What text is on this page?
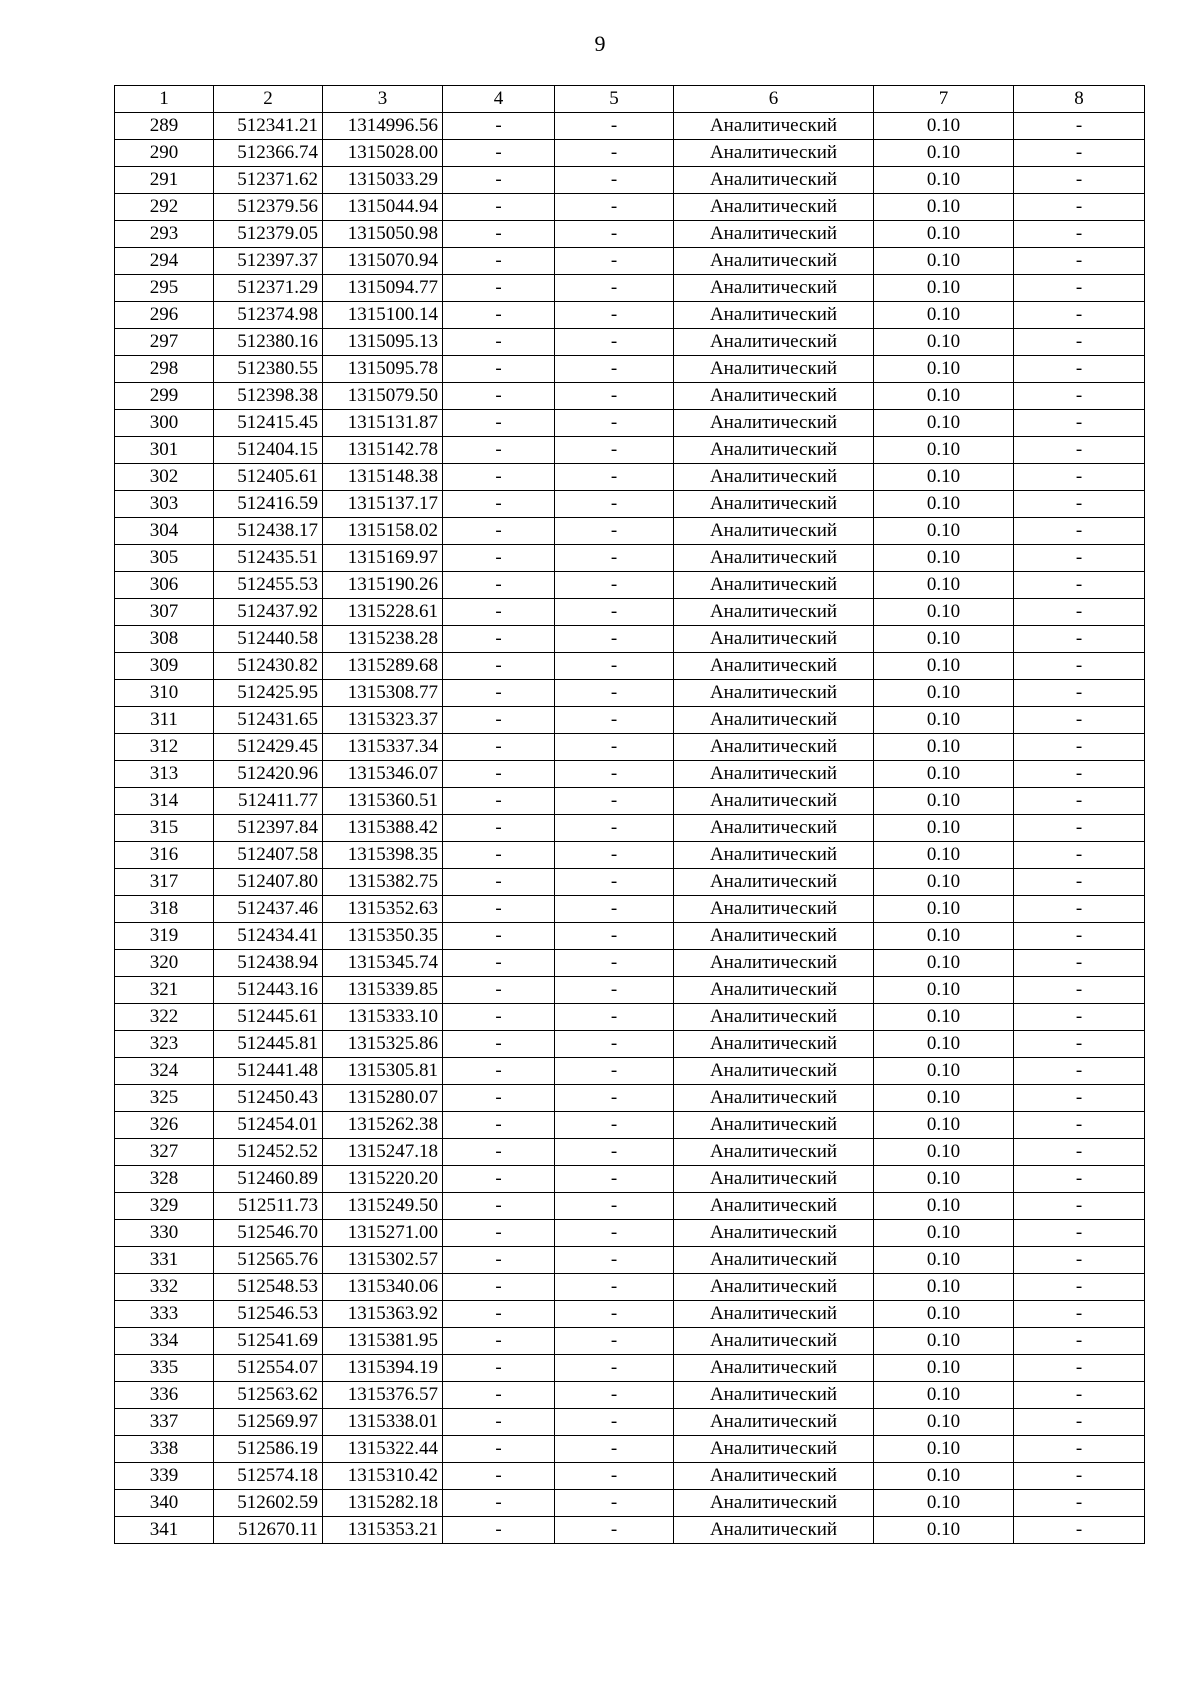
9
1	2	3	4	5	6	7	8
289	512341.21	1314996.56	-	-	Аналитический	0.10	-
290	512366.74	1315028.00	-	-	Аналитический	0.10	-
291	512371.62	1315033.29	-	-	Аналитический	0.10	-
292	512379.56	1315044.94	-	-	Аналитический	0.10	-
293	512379.05	1315050.98	-	-	Аналитический	0.10	-
294	512397.37	1315070.94	-	-	Аналитический	0.10	-
295	512371.29	1315094.77	-	-	Аналитический	0.10	-
296	512374.98	1315100.14	-	-	Аналитический	0.10	-
297	512380.16	1315095.13	-	-	Аналитический	0.10	-
298	512380.55	1315095.78	-	-	Аналитический	0.10	-
299	512398.38	1315079.50	-	-	Аналитический	0.10	-
300	512415.45	1315131.87	-	-	Аналитический	0.10	-
301	512404.15	1315142.78	-	-	Аналитический	0.10	-
302	512405.61	1315148.38	-	-	Аналитический	0.10	-
303	512416.59	1315137.17	-	-	Аналитический	0.10	-
304	512438.17	1315158.02	-	-	Аналитический	0.10	-
305	512435.51	1315169.97	-	-	Аналитический	0.10	-
306	512455.53	1315190.26	-	-	Аналитический	0.10	-
307	512437.92	1315228.61	-	-	Аналитический	0.10	-
308	512440.58	1315238.28	-	-	Аналитический	0.10	-
309	512430.82	1315289.68	-	-	Аналитический	0.10	-
310	512425.95	1315308.77	-	-	Аналитический	0.10	-
311	512431.65	1315323.37	-	-	Аналитический	0.10	-
312	512429.45	1315337.34	-	-	Аналитический	0.10	-
313	512420.96	1315346.07	-	-	Аналитический	0.10	-
314	512411.77	1315360.51	-	-	Аналитический	0.10	-
315	512397.84	1315388.42	-	-	Аналитический	0.10	-
316	512407.58	1315398.35	-	-	Аналитический	0.10	-
317	512407.80	1315382.75	-	-	Аналитический	0.10	-
318	512437.46	1315352.63	-	-	Аналитический	0.10	-
319	512434.41	1315350.35	-	-	Аналитический	0.10	-
320	512438.94	1315345.74	-	-	Аналитический	0.10	-
321	512443.16	1315339.85	-	-	Аналитический	0.10	-
322	512445.61	1315333.10	-	-	Аналитический	0.10	-
323	512445.81	1315325.86	-	-	Аналитический	0.10	-
324	512441.48	1315305.81	-	-	Аналитический	0.10	-
325	512450.43	1315280.07	-	-	Аналитический	0.10	-
326	512454.01	1315262.38	-	-	Аналитический	0.10	-
327	512452.52	1315247.18	-	-	Аналитический	0.10	-
328	512460.89	1315220.20	-	-	Аналитический	0.10	-
329	512511.73	1315249.50	-	-	Аналитический	0.10	-
330	512546.70	1315271.00	-	-	Аналитический	0.10	-
331	512565.76	1315302.57	-	-	Аналитический	0.10	-
332	512548.53	1315340.06	-	-	Аналитический	0.10	-
333	512546.53	1315363.92	-	-	Аналитический	0.10	-
334	512541.69	1315381.95	-	-	Аналитический	0.10	-
335	512554.07	1315394.19	-	-	Аналитический	0.10	-
336	512563.62	1315376.57	-	-	Аналитический	0.10	-
337	512569.97	1315338.01	-	-	Аналитический	0.10	-
338	512586.19	1315322.44	-	-	Аналитический	0.10	-
339	512574.18	1315310.42	-	-	Аналитический	0.10	-
340	512602.59	1315282.18	-	-	Аналитический	0.10	-
341	512670.11	1315353.21	-	-	Аналитический	0.10	-
